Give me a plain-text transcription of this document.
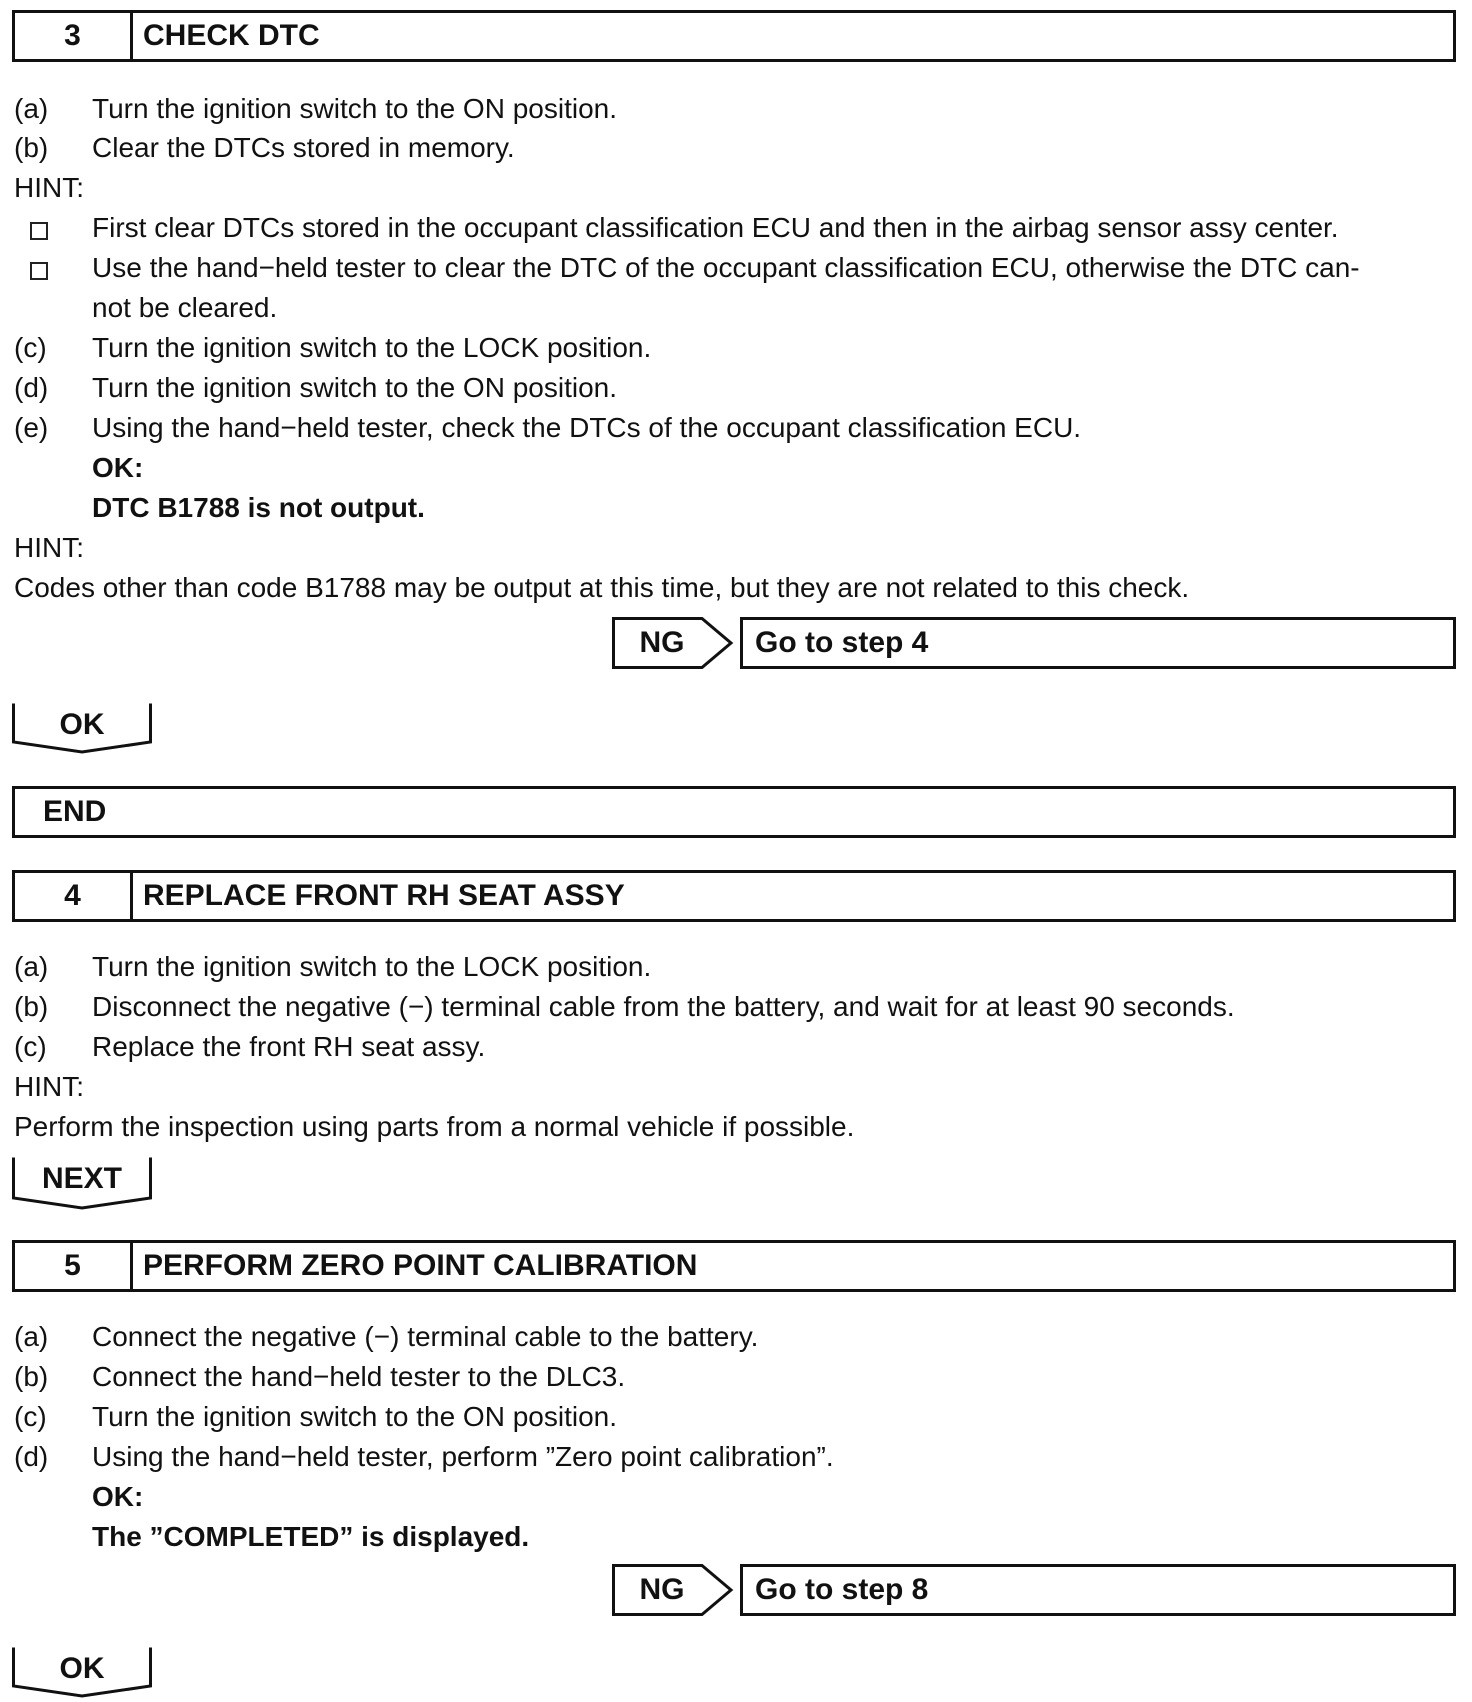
3	CHECK DTC
(a) Turn the ignition switch to the ON position.
(b) Clear the DTCs stored in memory.
HINT:
First clear DTCs stored in the occupant classification ECU and then in the airbag sensor assy center.
Use the hand−held tester to clear the DTC of the occupant classification ECU, otherwise the DTC can-
not be cleared.
(c) Turn the ignition switch to the LOCK position.
(d) Turn the ignition switch to the ON position.
(e) Using the hand−held tester, check the DTCs of the occupant classification ECU.
OK:
DTC B1788 is not output.
HINT:
Codes other than code B1788 may be output at this time, but they are not related to this check.
NG	Go to step 4
OK
END
4	REPLACE FRONT RH SEAT ASSY
(a) Turn the ignition switch to the LOCK position.
(b) Disconnect the negative (−) terminal cable from the battery, and wait for at least 90 seconds.
(c) Replace the front RH seat assy.
HINT:
Perform the inspection using parts from a normal vehicle if possible.
NEXT
5	PERFORM ZERO POINT CALIBRATION
(a) Connect the negative (−) terminal cable to the battery.
(b) Connect the hand−held tester to the DLC3.
(c) Turn the ignition switch to the ON position.
(d) Using the hand−held tester, perform ”Zero point calibration”.
OK:
The ”COMPLETED” is displayed.
NG	Go to step 8
OK
